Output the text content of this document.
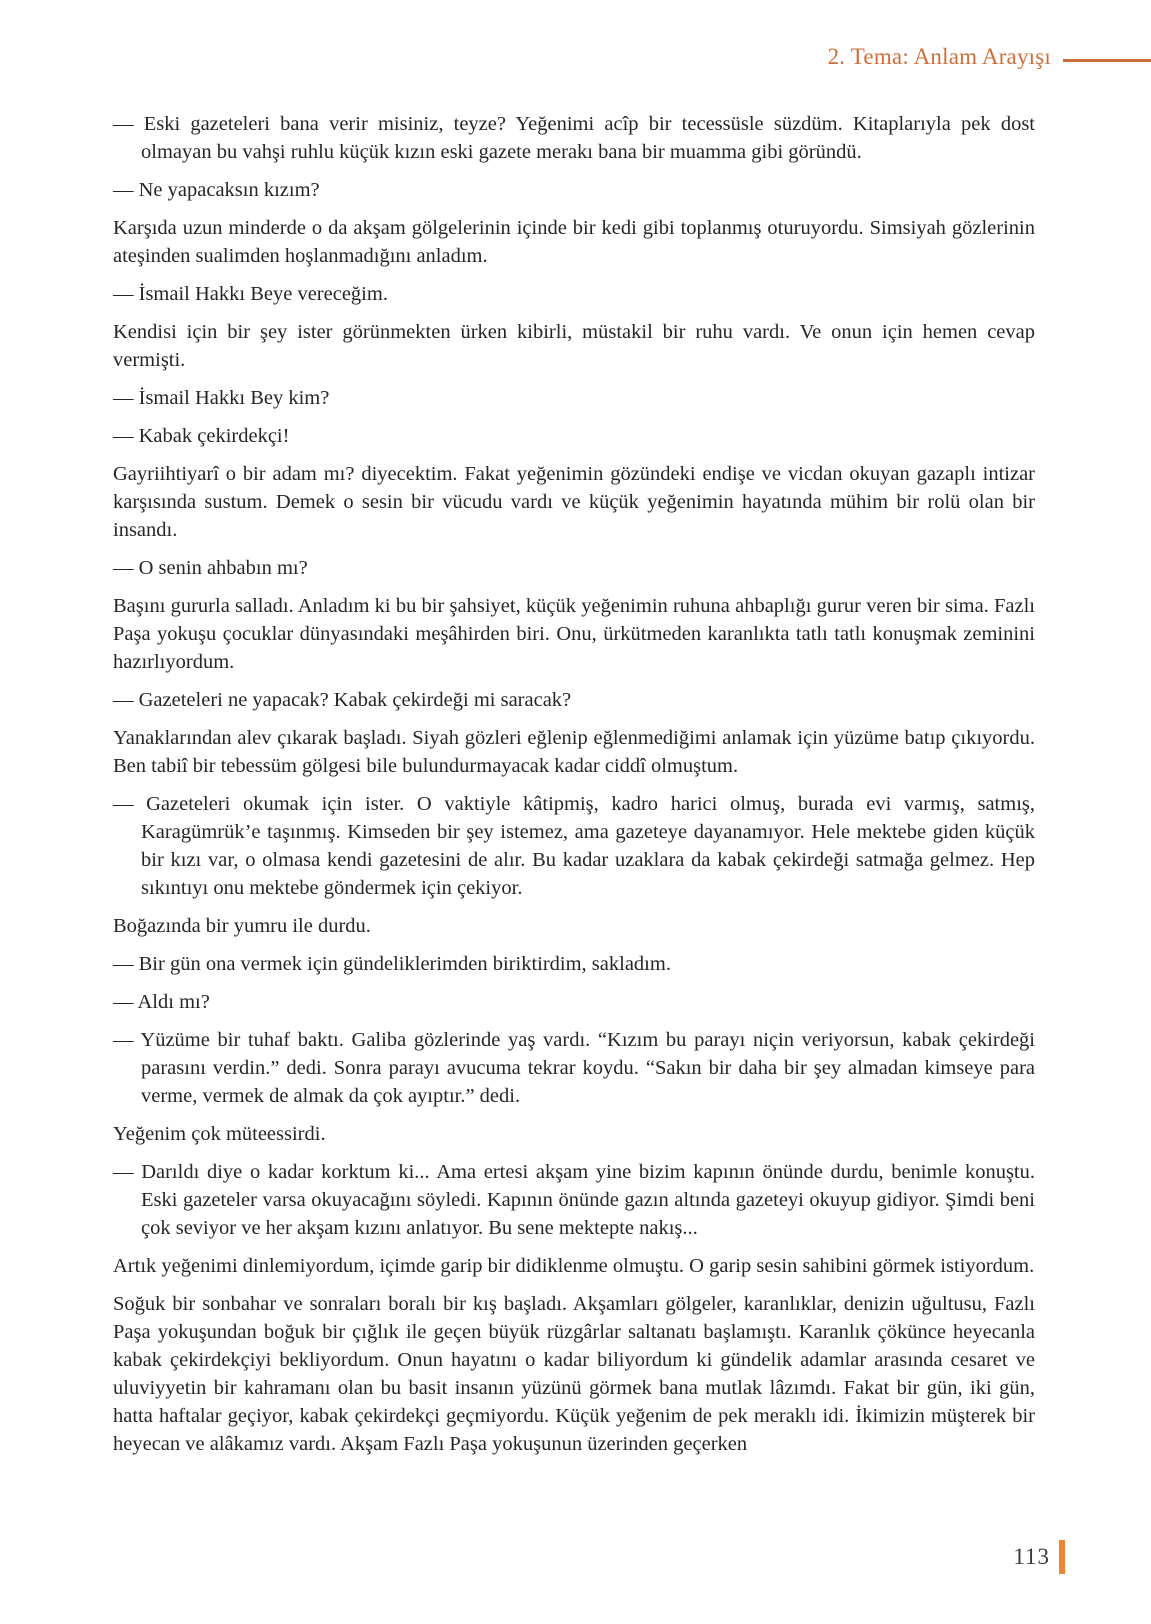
2. Tema: Anlam Arayışı

— Eski gazeteleri bana verir misiniz, teyze? Yeğenimi acîp bir tecessüsle süzdüm. Kitaplarıyla pek dost olmayan bu vahşi ruhlu küçük kızın eski gazete merakı bana bir muamma gibi göründü.

— Ne yapacaksın kızım?

Karşıda uzun minderde o da akşam gölgelerinin içinde bir kedi gibi toplanmış oturuyordu. Simsiyah gözlerinin ateşinden sualimden hoşlanmadığını anladım.

— İsmail Hakkı Beye vereceğim.

Kendisi için bir şey ister görünmekten ürken kibirli, müstakil bir ruhu vardı. Ve onun için hemen cevap vermişti.

— İsmail Hakkı Bey kim?

— Kabak çekirdekçi!

Gayriihtiyarî o bir adam mı? diyecektim. Fakat yeğenimin gözündeki endişe ve vicdan okuyan gazaplı intizar karşısında sustum. Demek o sesin bir vücudu vardı ve küçük yeğenimin hayatında mühim bir rolü olan bir insandı.

— O senin ahbabın mı?

Başını gururla salladı. Anladım ki bu bir şahsiyet, küçük yeğenimin ruhuna ahbaplığı gurur veren bir sima. Fazlı Paşa yokuşu çocuklar dünyasındaki meşâhirden biri. Onu, ürkütmeden karanlıkta tatlı tatlı konuşmak zeminini hazırlıyordum.

— Gazeteleri ne yapacak? Kabak çekirdeği mi saracak?

Yanaklarından alev çıkarak başladı. Siyah gözleri eğlenip eğlenmediğimi anlamak için yüzüme batıp çıkıyordu. Ben tabiî bir tebessüm gölgesi bile bulundurmayacak kadar ciddî olmuştum.

— Gazeteleri okumak için ister. O vaktiyle kâtipmiş, kadro harici olmuş, burada evi varmış, satmış, Karagümrük’e taşınmış. Kimseden bir şey istemez, ama gazeteye dayanamıyor. Hele mektebe giden küçük bir kızı var, o olmasa kendi gazetesini de alır. Bu kadar uzaklara da kabak çekirdeği satmağa gelmez. Hep sıkıntıyı onu mektebe göndermek için çekiyor.

Boğazında bir yumru ile durdu.

— Bir gün ona vermek için gündeliklerimden biriktirdim, sakladım.

— Aldı mı?

— Yüzüme bir tuhaf baktı. Galiba gözlerinde yaş vardı. “Kızım bu parayı niçin veriyorsun, kabak çekirdeği parasını verdin.” dedi. Sonra parayı avucuma tekrar koydu. “Sakın bir daha bir şey almadan kimseye para verme, vermek de almak da çok ayıptır.” dedi.

Yeğenim çok müteessirdi.

— Darıldı diye o kadar korktum ki... Ama ertesi akşam yine bizim kapının önünde durdu, benimle konuştu. Eski gazeteler varsa okuyacağını söyledi. Kapının önünde gazın altında gazeteyi okuyup gidiyor. Şimdi beni çok seviyor ve her akşam kızını anlatıyor. Bu sene mektepte nakış...

Artık yeğenimi dinlemiyordum, içimde garip bir didiklenme olmuştu. O garip sesin sahibini görmek istiyordum.

Soğuk bir sonbahar ve sonraları boralı bir kış başladı. Akşamları gölgeler, karanlıklar, denizin uğultusu, Fazlı Paşa yokuşundan boğuk bir çığlık ile geçen büyük rüzgârlar saltanatı başlamıştı. Karanlık çökünce heyecanla kabak çekirdekçiyi bekliyordum. Onun hayatını o kadar biliyordum ki gündelik adamlar arasında cesaret ve uluviyyetin bir kahramanı olan bu basit insanın yüzünü görmek bana mutlak lâzımdı. Fakat bir gün, iki gün, hatta haftalar geçiyor, kabak çekirdekçi geçmiyordu. Küçük yeğenim de pek meraklı idi. İkimizin müşterek bir heyecan ve alâkamız vardı. Akşam Fazlı Paşa yokuşunun üzerinden geçerken

113
